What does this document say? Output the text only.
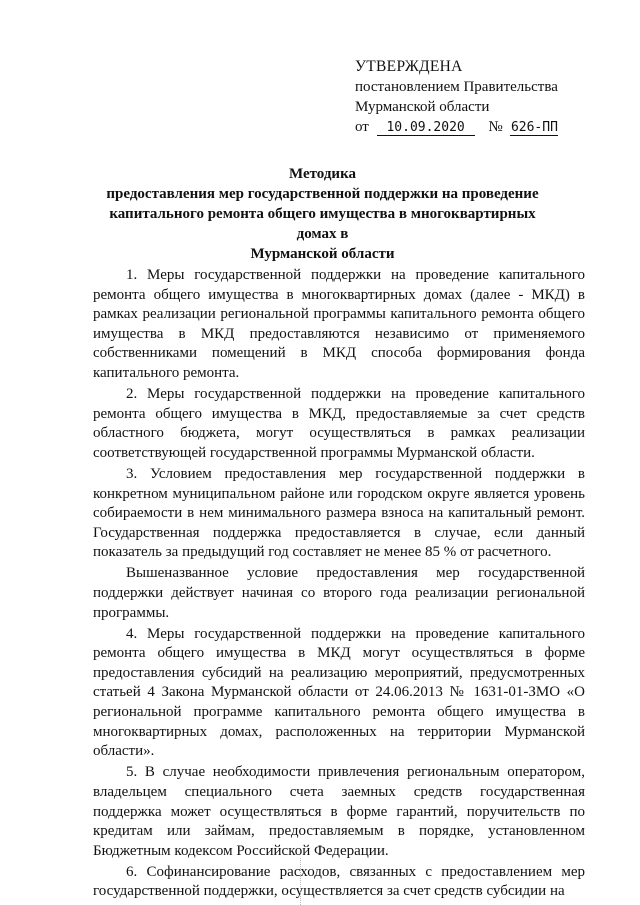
УТВЕРЖДЕНА
постановлением Правительства
Мурманской области
от 10.09.2020 № 626-ПП
Методика
предоставления мер государственной поддержки на проведение
капитального ремонта общего имущества в многоквартирных домах в
Мурманской области

1. Меры государственной поддержки на проведение капитального ремонта общего имущества в многоквартирных домах (далее - МКД) в рамках реализации региональной программы капитального ремонта общего имущества в МКД предоставляются независимо от применяемого собственниками помещений в МКД способа формирования фонда капитального ремонта.

2. Меры государственной поддержки на проведение капитального ремонта общего имущества в МКД, предоставляемые за счет средств областного бюджета, могут осуществляться в рамках реализации соответствующей государственной программы Мурманской области.

3. Условием предоставления мер государственной поддержки в конкретном муниципальном районе или городском округе является уровень собираемости в нем минимального размера взноса на капитальный ремонт. Государственная поддержка предоставляется в случае, если данный показатель за предыдущий год составляет не менее 85 % от расчетного.

Вышеназванное условие предоставления мер государственной поддержки действует начиная со второго года реализации региональной программы.

4. Меры государственной поддержки на проведение капитального ремонта общего имущества в МКД могут осуществляться в форме предоставления субсидий на реализацию мероприятий, предусмотренных статьей 4 Закона Мурманской области от 24.06.2013 № 1631-01-ЗМО «О региональной программе капитального ремонта общего имущества в многоквартирных домах, расположенных на территории Мурманской области».

5. В случае необходимости привлечения региональным оператором, владельцем специального счета заемных средств государственная поддержка может осуществляться в форме гарантий, поручительств по кредитам или займам, предоставляемым в порядке, установленном Бюджетным кодексом Российской Федерации.

6. Софинансирование расходов, связанных с предоставлением мер государственной поддержки, осуществляется за счет средств субсидии на
